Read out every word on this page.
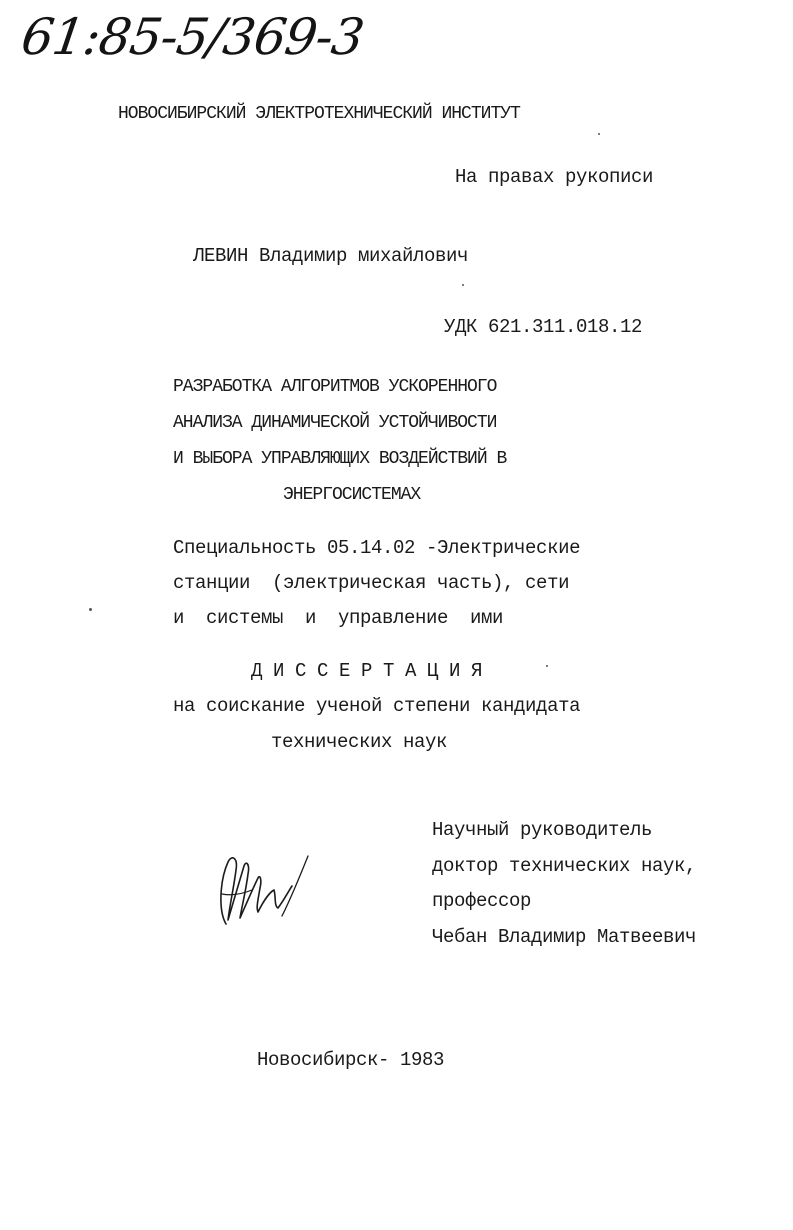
61:85-5/369-3
НОВОСИБИРСКИЙ ЭЛЕКТРОТЕХНИЧЕСКИЙ ИНСТИТУТ
На правах рукописи
ЛЕВИН Владимир михайлович
УДК 621.311.018.12
РАЗРАБОТКА АЛГОРИТМОВ УСКОРЕННОГО
АНАЛИЗА ДИНАМИЧЕСКОЙ УСТОЙЧИВОСТИ
И ВЫБОРА УПРАВЛЯЮЩИХ ВОЗДЕЙСТВИЙ В
ЭНЕРГОСИСТЕМАХ
Специальность 05.14.02 -Электрические
станции  (электрическая часть), сети
и  системы  и  управление  ими
Д И С С Е Р Т А Ц И Я
на соискание ученой степени кандидата
технических наук
Научный руководитель
доктор технических наук,
профессор
Чебан Владимир Матвеевич
Новосибирск- 1983
